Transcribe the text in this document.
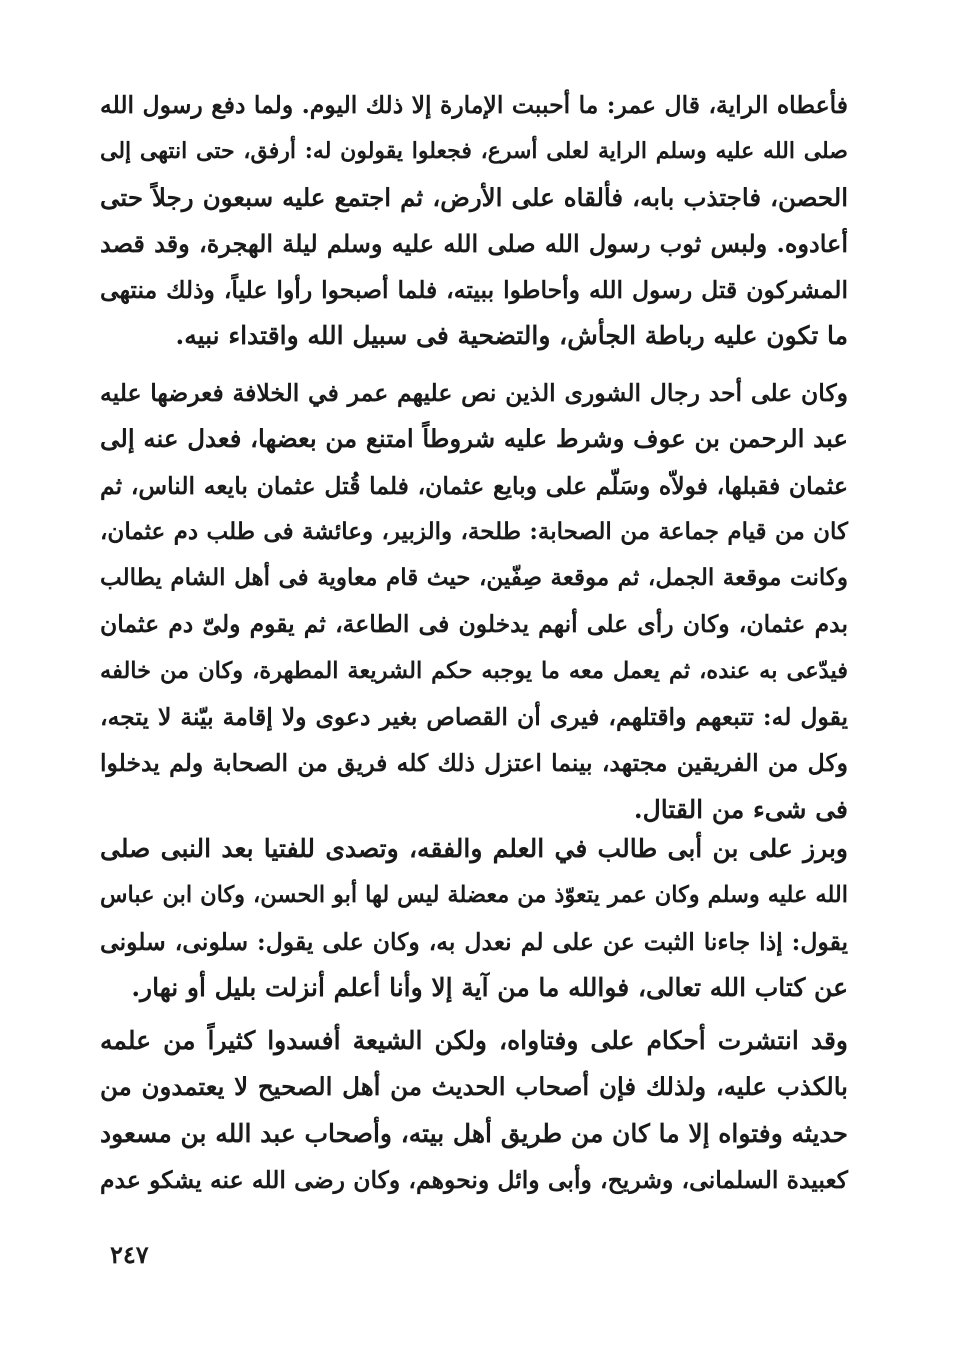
فأعطاه الراية، قال عمر: ما أحببت الإمارة إلا ذلك اليوم. ولما دفع رسول الله
صلى الله عليه وسلم الراية لعلى أسرع، فجعلوا يقولون له: أرفق، حتى انتهى إلى
الحصن، فاجتذب بابه، فألقاه على الأرض، ثم اجتمع عليه سبعون رجلاً حتى
أعادوه. ولبس ثوب رسول الله صلى الله عليه وسلم ليلة الهجرة، وقد قصد
المشركون قتل رسول الله وأحاطوا ببيته، فلما أصبحوا رأوا علياً، وذلك منتهى
ما تكون عليه رباطة الجأش، والتضحية فى سبيل الله واقتداء نبيه.
وكان على أحد رجال الشورى الذين نص عليهم عمر في الخلافة فعرضها عليه
عبد الرحمن بن عوف وشرط عليه شروطاً امتنع من بعضها، فعدل عنه إلى
عثمان فقبلها، فولاّه وسَلّم على وبايع عثمان، فلما قُتل عثمان بايعه الناس، ثم
كان من قيام جماعة من الصحابة: طلحة، والزبير، وعائشة فى طلب دم عثمان،
وكانت موقعة الجمل، ثم موقعة صِفّين، حيث قام معاوية فى أهل الشام يطالب
بدم عثمان، وكان رأى على أنهم يدخلون فى الطاعة، ثم يقوم ولىّ دم عثمان
فيدّعى به عنده، ثم يعمل معه ما يوجبه حكم الشريعة المطهرة، وكان من خالفه
يقول له: تتبعهم واقتلهم، فيرى أن القصاص بغير دعوى ولا إقامة بيّنة لا يتجه،
وكل من الفريقين مجتهد، بينما اعتزل ذلك كله فريق من الصحابة ولم يدخلوا
فى شىء من القتال.
وبرز على بن أبى طالب في العلم والفقه، وتصدى للفتيا بعد النبى صلى
الله عليه وسلم وكان عمر يتعوّذ من معضلة ليس لها أبو الحسن، وكان ابن عباس
يقول: إذا جاءنا الثبت عن على لم نعدل به، وكان على يقول: سلونى، سلونى
عن كتاب الله تعالى، فوالله ما من آية إلا وأنا أعلم أنزلت بليل أو نهار.
وقد انتشرت أحكام على وفتاواه، ولكن الشيعة أفسدوا كثيراً من علمه
بالكذب عليه، ولذلك فإن أصحاب الحديث من أهل الصحيح لا يعتمدون من
حديثه وفتواه إلا ما كان من طريق أهل بيته، وأصحاب عبد الله بن مسعود
كعبيدة السلمانى، وشريح، وأبى وائل ونحوهم، وكان رضى الله عنه يشكو عدم
٢٤٧
